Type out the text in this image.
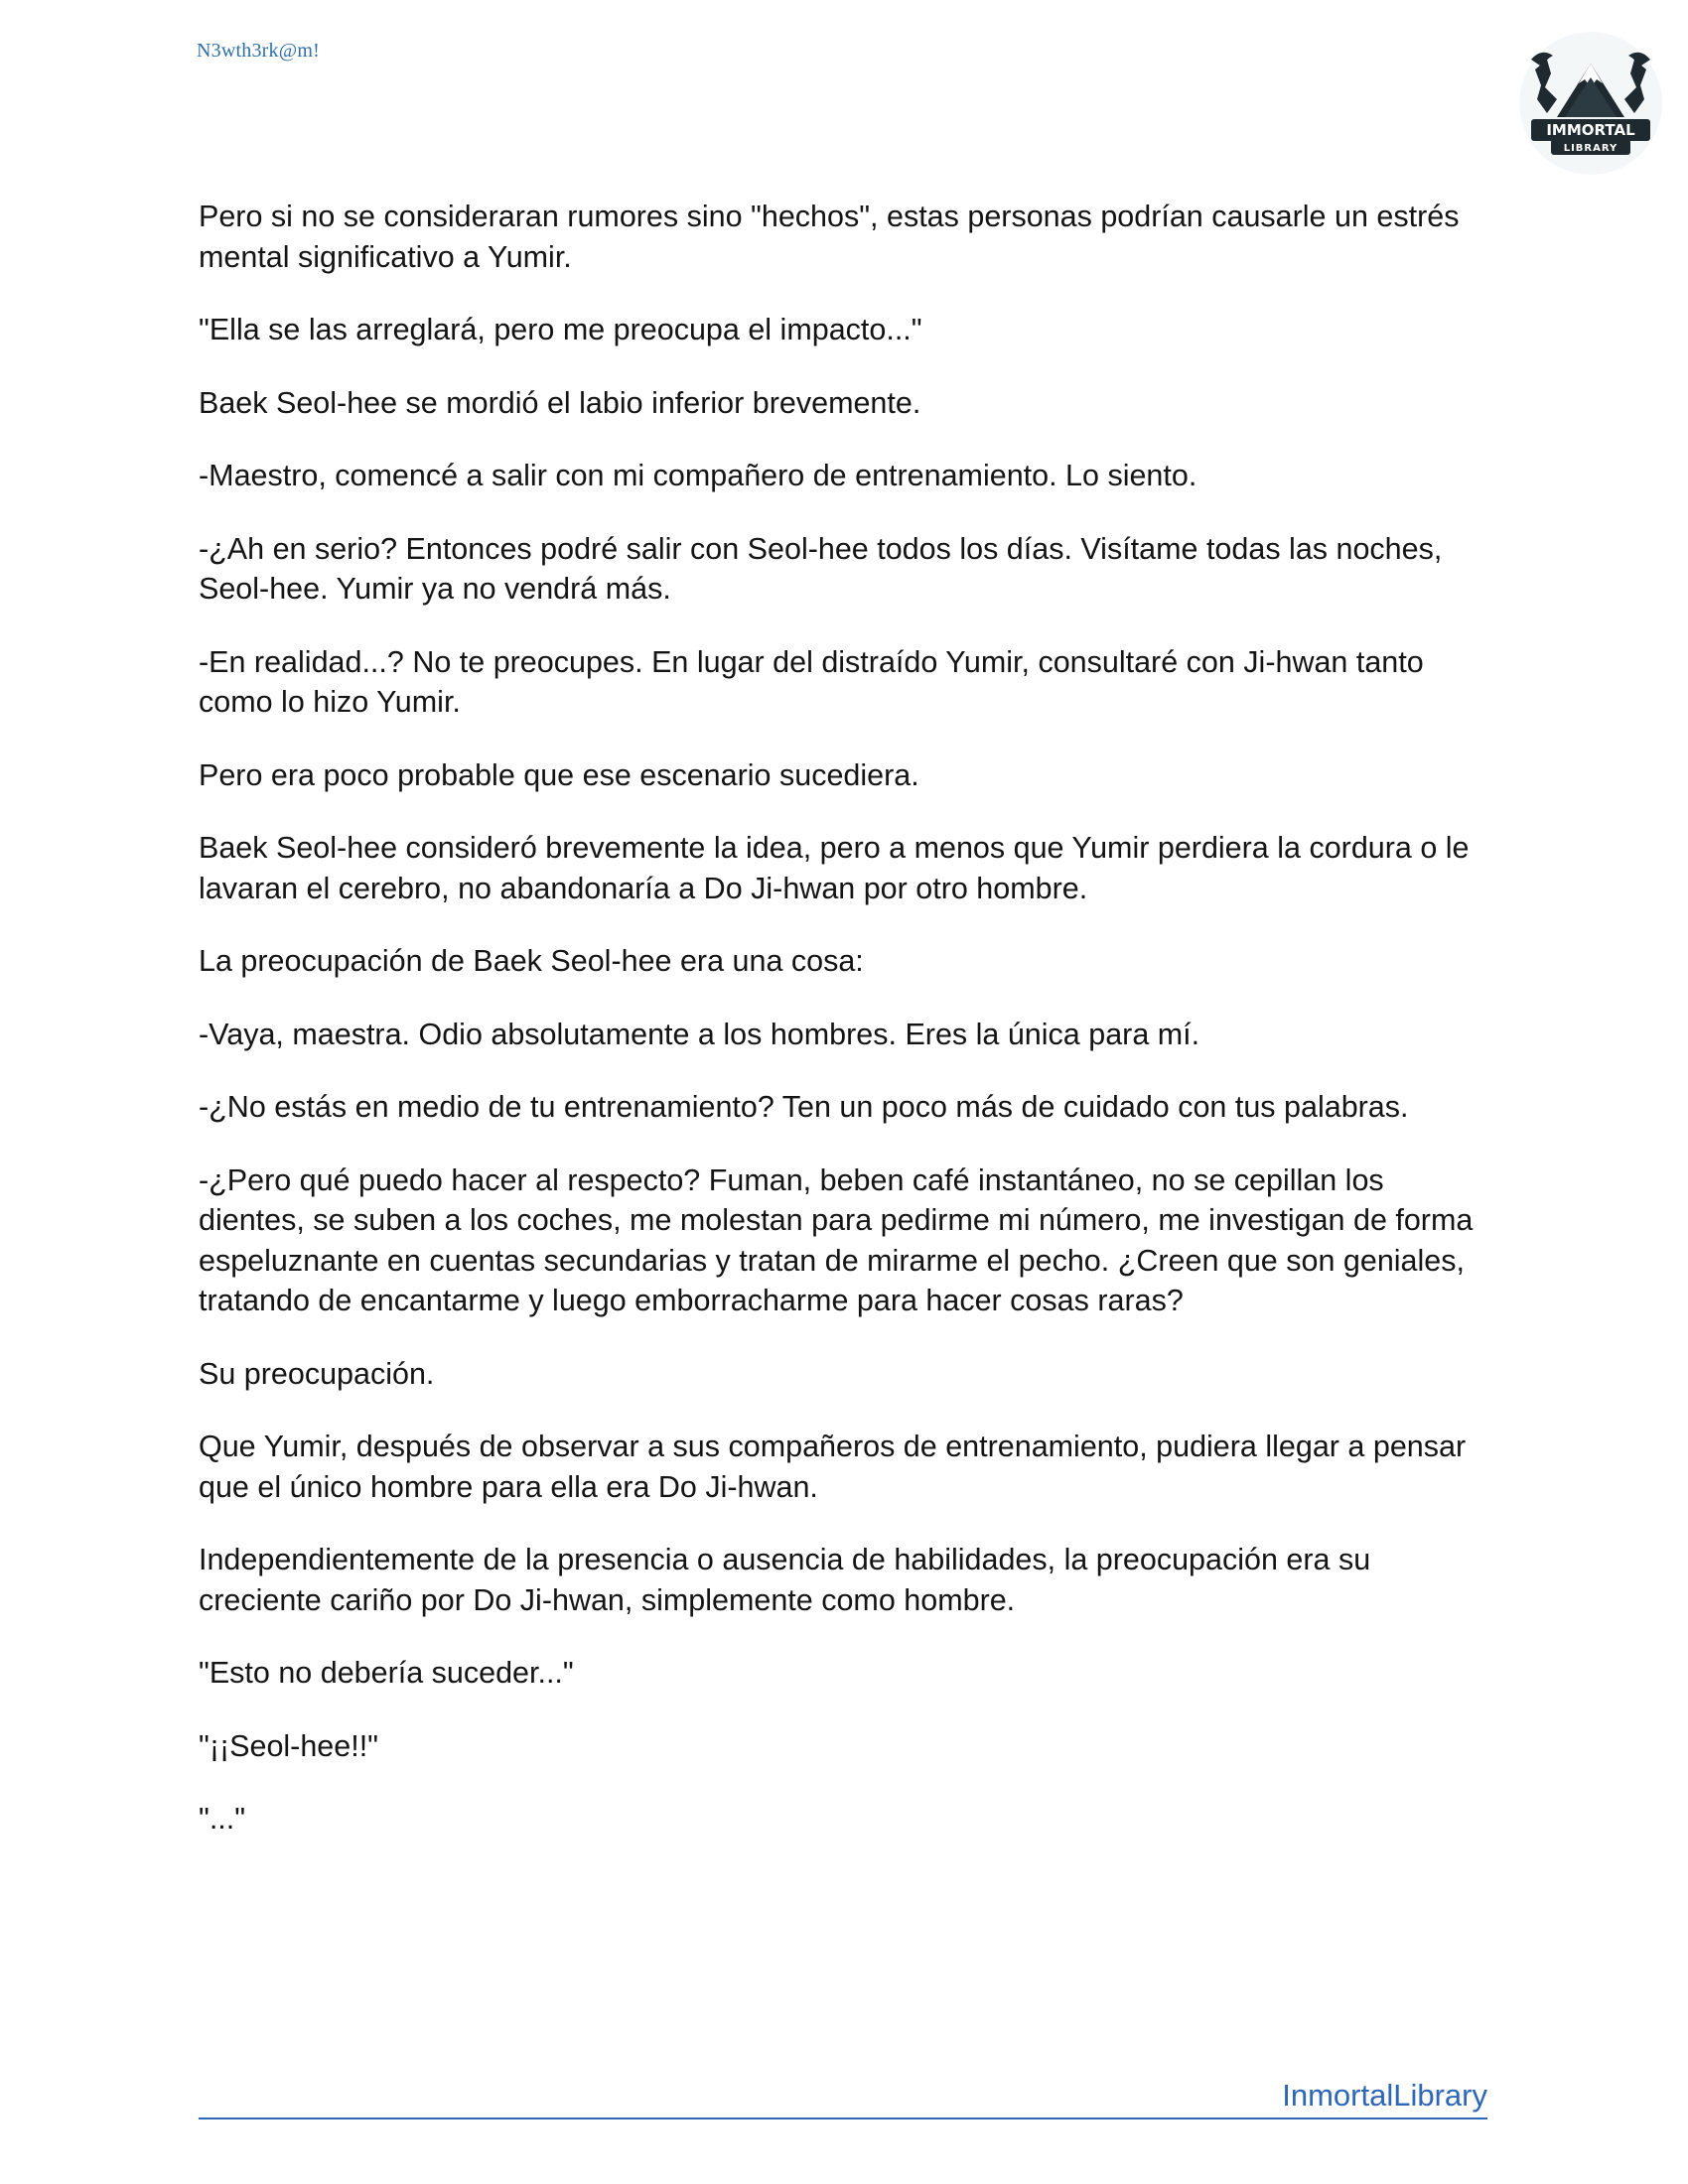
N3wth3rk@m!
IMMORTAL
LIBRARY

Pero si no se consideraran rumores sino "hechos", estas personas podrían causarle un estrés mental significativo a Yumir.

"Ella se las arreglará, pero me preocupa el impacto..."

Baek Seol-hee se mordió el labio inferior brevemente.

-Maestro, comencé a salir con mi compañero de entrenamiento. Lo siento.

-¿Ah en serio? Entonces podré salir con Seol-hee todos los días. Visítame todas las noches, Seol-hee. Yumir ya no vendrá más.

-En realidad...? No te preocupes. En lugar del distraído Yumir, consultaré con Ji-hwan tanto como lo hizo Yumir.

Pero era poco probable que ese escenario sucediera.

Baek Seol-hee consideró brevemente la idea, pero a menos que Yumir perdiera la cordura o le lavaran el cerebro, no abandonaría a Do Ji-hwan por otro hombre.

La preocupación de Baek Seol-hee era una cosa:

-Vaya, maestra. Odio absolutamente a los hombres. Eres la única para mí.

-¿No estás en medio de tu entrenamiento? Ten un poco más de cuidado con tus palabras.

-¿Pero qué puedo hacer al respecto? Fuman, beben café instantáneo, no se cepillan los dientes, se suben a los coches, me molestan para pedirme mi número, me investigan de forma espeluznante en cuentas secundarias y tratan de mirarme el pecho. ¿Creen que son geniales, tratando de encantarme y luego emborracharme para hacer cosas raras?

Su preocupación.

Que Yumir, después de observar a sus compañeros de entrenamiento, pudiera llegar a pensar que el único hombre para ella era Do Ji-hwan.

Independientemente de la presencia o ausencia de habilidades, la preocupación era su creciente cariño por Do Ji-hwan, simplemente como hombre.

"Esto no debería suceder..."

"¡¡Seol-hee!!"

"..."

InmortalLibrary
